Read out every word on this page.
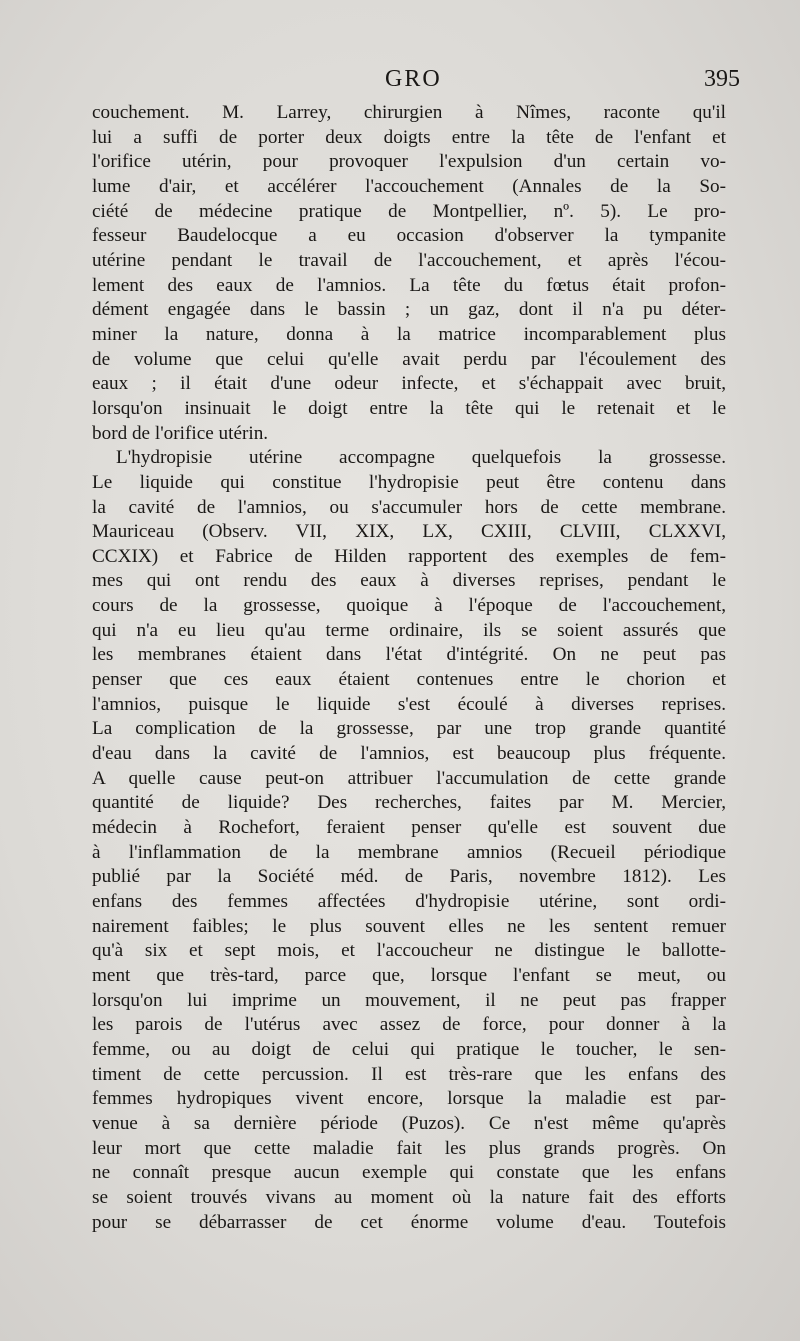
GRO	395

couchement. M. Larrey, chirurgien à Nîmes, raconte qu'il

lui a suffi de porter deux doigts entre la tête de l'enfant et

l'orifice utérin, pour provoquer l'expulsion d'un certain vo-

lume d'air, et accélérer l'accouchement (Annales de la So-

ciété de médecine pratique de Montpellier, nº. 5). Le pro-

fesseur Baudelocque a eu occasion d'observer la tympanite

utérine pendant le travail de l'accouchement, et après l'écou-

lement des eaux de l'amnios. La tête du fœtus était profon-

dément engagée dans le bassin ; un gaz, dont il n'a pu déter-

miner la nature, donna à la matrice incomparablement plus

de volume que celui qu'elle avait perdu par l'écoulement des

eaux ; il était d'une odeur infecte, et s'échappait avec bruit,

lorsqu'on insinuait le doigt entre la tête qui le retenait et le

bord de l'orifice utérin.

L'hydropisie utérine accompagne quelquefois la grossesse.

Le liquide qui constitue l'hydropisie peut être contenu dans

la cavité de l'amnios, ou s'accumuler hors de cette membrane.

Mauriceau (Observ. VII, XIX, LX, CXIII, CLVIII, CLXXVI,

CCXIX) et Fabrice de Hilden rapportent des exemples de fem-

mes qui ont rendu des eaux à diverses reprises, pendant le

cours de la grossesse, quoique à l'époque de l'accouchement,

qui n'a eu lieu qu'au terme ordinaire, ils se soient assurés que

les membranes étaient dans l'état d'intégrité. On ne peut pas

penser que ces eaux étaient contenues entre le chorion et

l'amnios, puisque le liquide s'est écoulé à diverses reprises.

La complication de la grossesse, par une trop grande quantité

d'eau dans la cavité de l'amnios, est beaucoup plus fréquente.

A quelle cause peut-on attribuer l'accumulation de cette grande

quantité de liquide? Des recherches, faites par M. Mercier,

médecin à Rochefort, feraient penser qu'elle est souvent due

à l'inflammation de la membrane amnios (Recueil périodique

publié par la Société méd. de Paris, novembre 1812). Les

enfans des femmes affectées d'hydropisie utérine, sont ordi-

nairement faibles; le plus souvent elles ne les sentent remuer

qu'à six et sept mois, et l'accoucheur ne distingue le ballotte-

ment que très-tard, parce que, lorsque l'enfant se meut, ou

lorsqu'on lui imprime un mouvement, il ne peut pas frapper

les parois de l'utérus avec assez de force, pour donner à la

femme, ou au doigt de celui qui pratique le toucher, le sen-

timent de cette percussion. Il est très-rare que les enfans des

femmes hydropiques vivent encore, lorsque la maladie est par-

venue à sa dernière période (Puzos). Ce n'est même qu'après

leur mort que cette maladie fait les plus grands progrès. On

ne connaît presque aucun exemple qui constate que les enfans

se soient trouvés vivans au moment où la nature fait des efforts

pour se débarrasser de cet énorme volume d'eau. Toutefois
